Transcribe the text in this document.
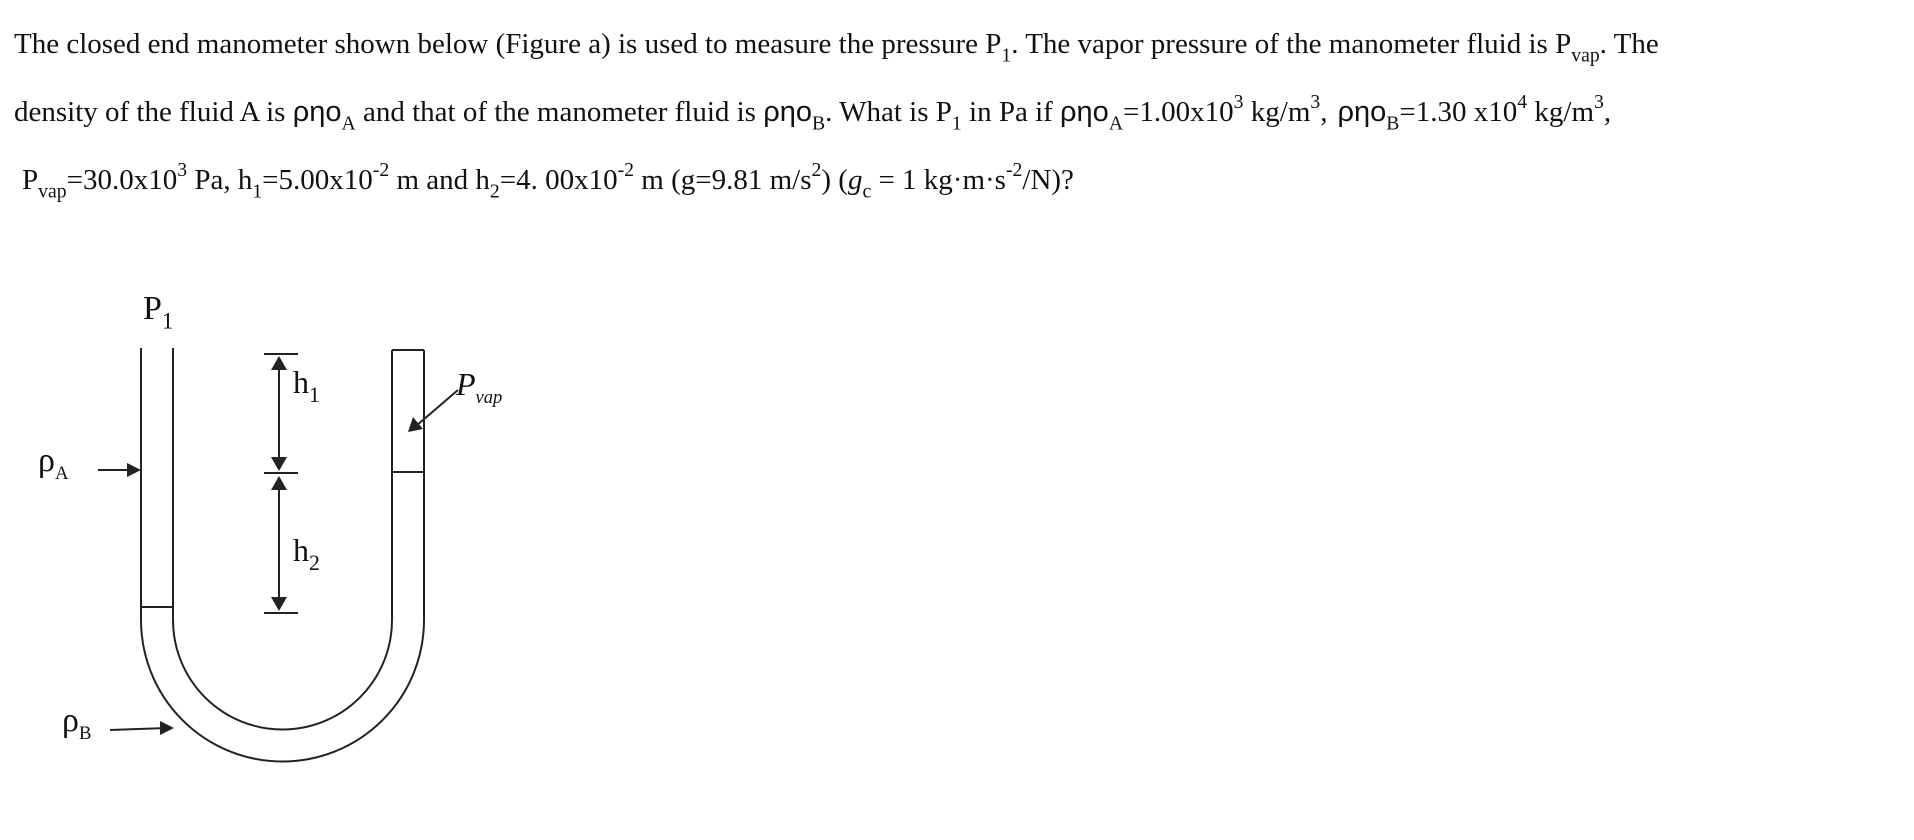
The closed end manometer shown below (Figure a) is used to measure the pressure $P_1$. The vapor pressure of the manometer fluid is $P_{vap}$. The
density of the fluid A is ρηο$_A$ and that of the manometer fluid is ρηο$_B$. What is $P_1$ in Pa if $\rho\eta o_A=1.00x10^3$ $kg/m^3$, ρηο$_B$=1.30 $x10^4$ $kg/m^3$,
$P_{vap}=30.0x10^3$ Pa, $h_1=5.00x10^{-2}$ m and $h_2=4$. $00x10^{-2}$ m (g=9.81 $m/s^2$) ($g_c = 1$ $kg\cdot m\cdot s^{-2}/N$)?
$P_1$
$h_1$
$h_2$
$P_{vap}$
$\rho_A$
$\rho_B$
